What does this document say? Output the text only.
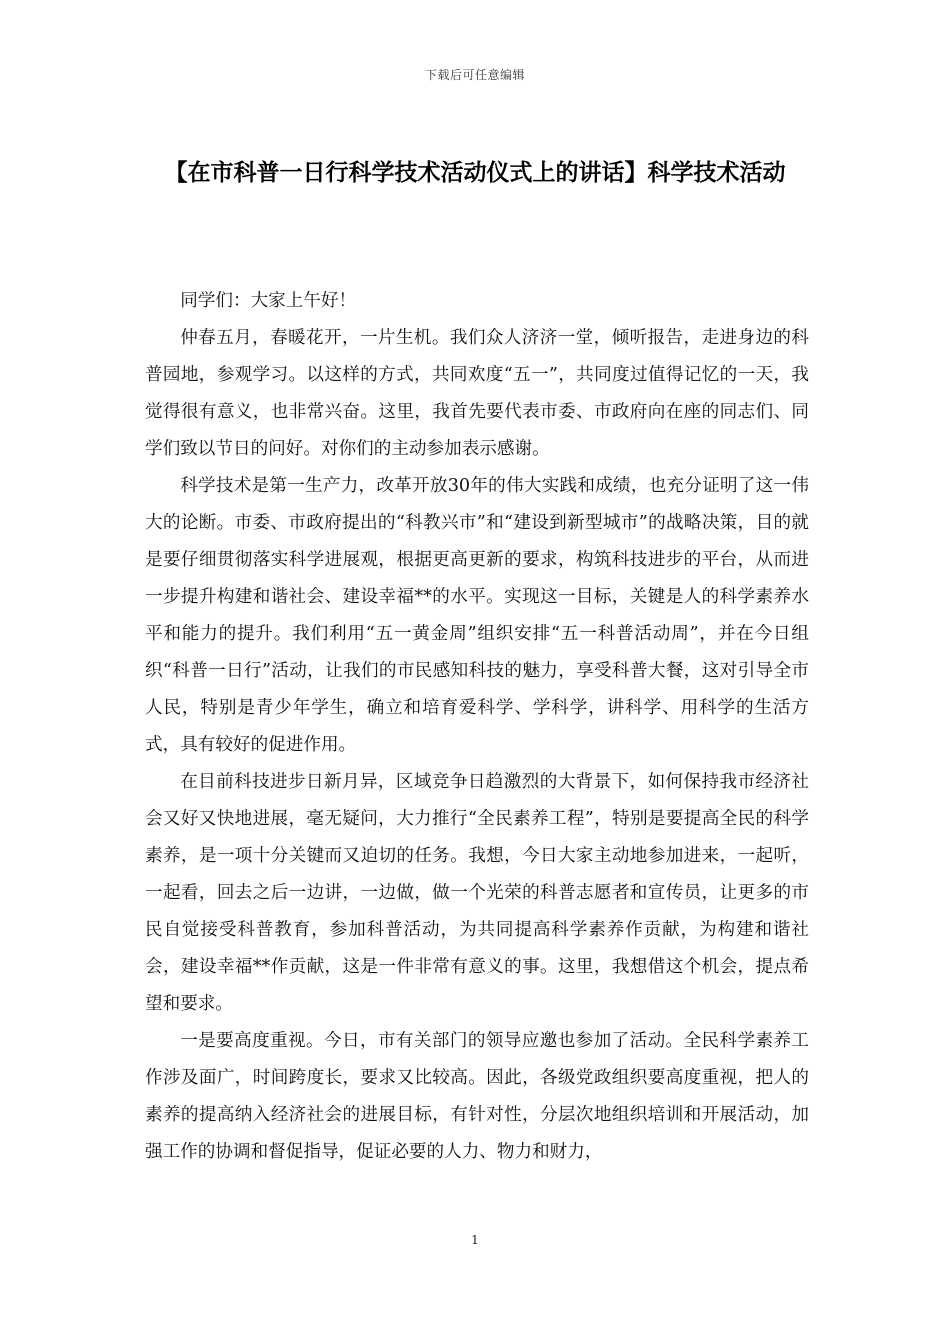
下载后可任意编辑
【在市科普一日行科学技术活动仪式上的讲话】科学技术活动

同学们：大家上午好！

仲春五月，春暖花开，一片生机。我们众人济济一堂，倾听报告，走进身边的科普园地，参观学习。以这样的方式，共同欢度“五一”，共同度过值得记忆的一天，我觉得很有意义，也非常兴奋。这里，我首先要代表市委、市政府向在座的同志们、同学们致以节日的问好。对你们的主动参加表示感谢。

科学技术是第一生产力，改革开放30年的伟大实践和成绩，也充分证明了这一伟大的论断。市委、市政府提出的“科教兴市”和“建设到新型城市”的战略决策，目的就是要仔细贯彻落实科学进展观，根据更高更新的要求，构筑科技进步的平台，从而进一步提升构建和谐社会、建设幸福**的水平。实现这一目标，关键是人的科学素养水平和能力的提升。我们利用“五一黄金周”组织安排“五一科普活动周”，并在今日组织“科普一日行”活动，让我们的市民感知科技的魅力，享受科普大餐，这对引导全市人民，特别是青少年学生，确立和培育爱科学、学科学，讲科学、用科学的生活方式，具有较好的促进作用。

在目前科技进步日新月异，区域竞争日趋激烈的大背景下，如何保持我市经济社会又好又快地进展，毫无疑问，大力推行“全民素养工程”，特别是要提高全民的科学素养，是一项十分关键而又迫切的任务。我想，今日大家主动地参加进来，一起听，一起看，回去之后一边讲，一边做，做一个光荣的科普志愿者和宣传员，让更多的市民自觉接受科普教育，参加科普活动，为共同提高科学素养作贡献，为构建和谐社会，建设幸福**作贡献，这是一件非常有意义的事。这里，我想借这个机会，提点希望和要求。

一是要高度重视。今日，市有关部门的领导应邀也参加了活动。全民科学素养工作涉及面广，时间跨度长，要求又比较高。因此，各级党政组织要高度重视，把人的素养的提高纳入经济社会的进展目标，有针对性，分层次地组织培训和开展活动，加强工作的协调和督促指导，促证必要的人力、物力和财力，

1
